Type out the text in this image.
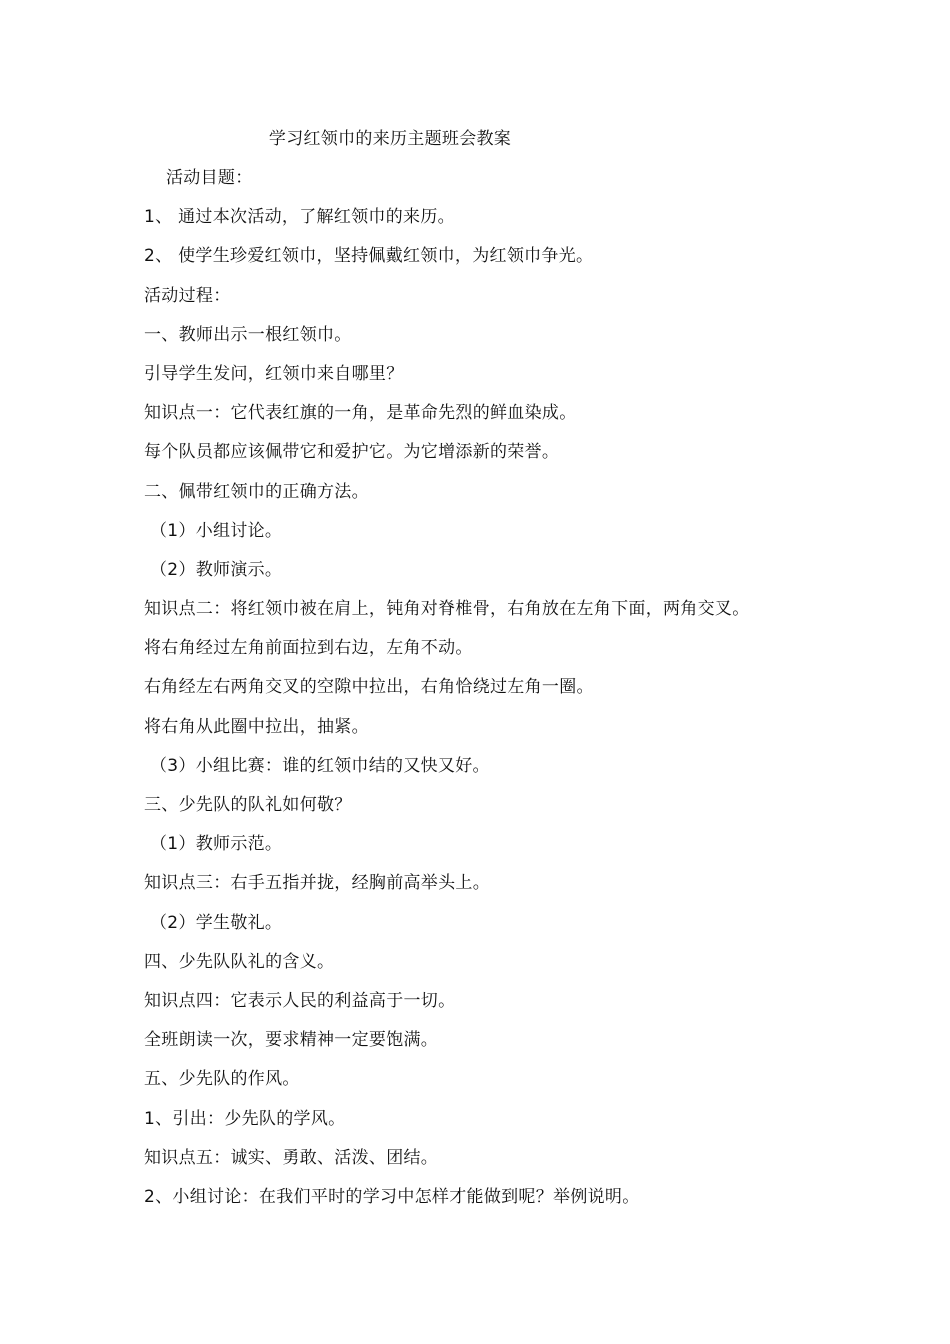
学习红领巾的来历主题班会教案
活动目题：
1、 通过本次活动，了解红领巾的来历。
2、 使学生珍爱红领巾，坚持佩戴红领巾，为红领巾争光。
活动过程：
一、教师出示一根红领巾。
引导学生发问，红领巾来自哪里？
知识点一：它代表红旗的一角，是革命先烈的鲜血染成。
每个队员都应该佩带它和爱护它。为它增添新的荣誉。
二、佩带红领巾的正确方法。
（1）小组讨论。
（2）教师演示。
知识点二：将红领巾被在肩上，钝角对脊椎骨，右角放在左角下面，两角交叉。
将右角经过左角前面拉到右边，左角不动。
右角经左右两角交叉的空隙中拉出，右角恰绕过左角一圈。
将右角从此圈中拉出，抽紧。
（3）小组比赛：谁的红领巾结的又快又好。
三、少先队的队礼如何敬？
（1）教师示范。
知识点三：右手五指并拢，经胸前高举头上。
（2）学生敬礼。
四、少先队队礼的含义。
知识点四：它表示人民的利益高于一切。
全班朗读一次，要求精神一定要饱满。
五、少先队的作风。
1、引出：少先队的学风。
知识点五：诚实、勇敢、活泼、团结。
2、小组讨论：在我们平时的学习中怎样才能做到呢？举例说明。
